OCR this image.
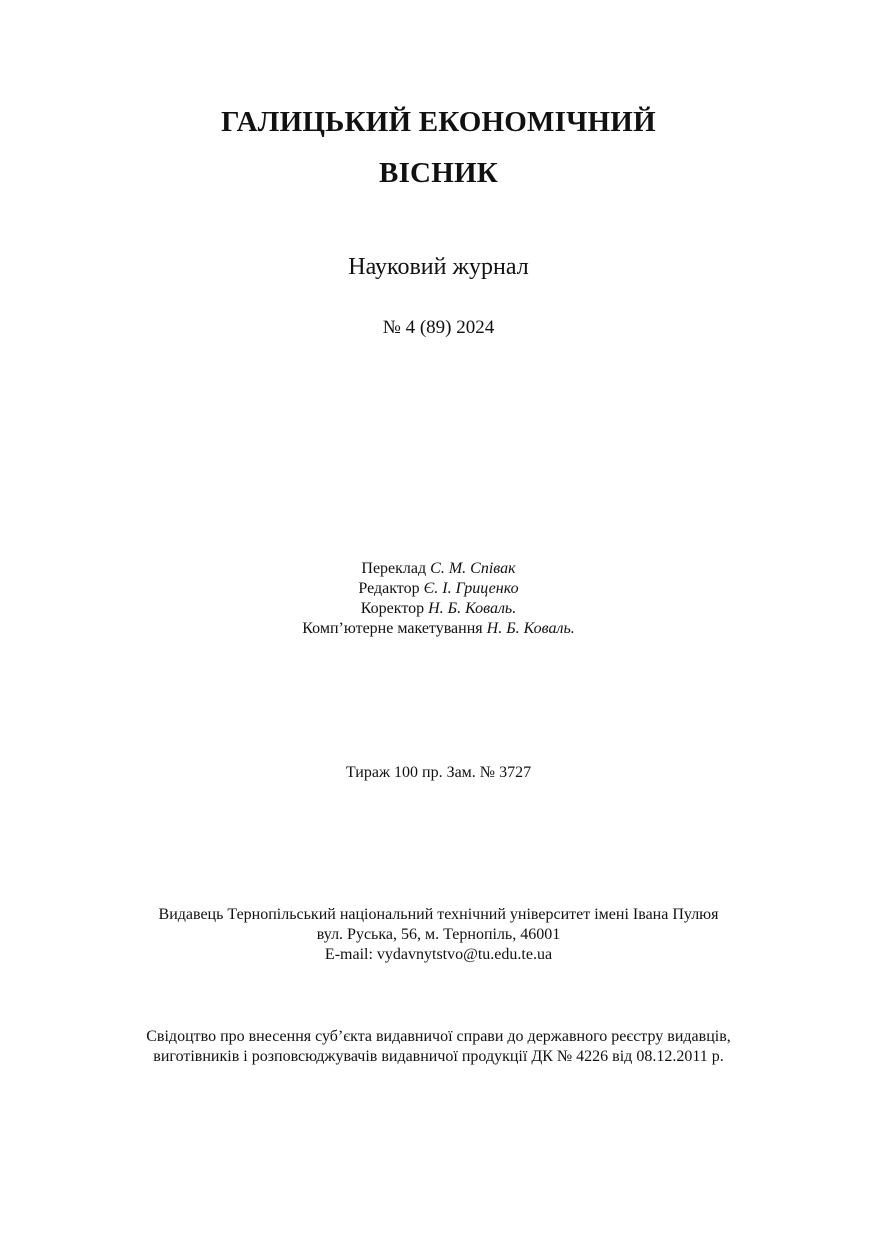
ГАЛИЦЬКИЙ ЕКОНОМІЧНИЙ
ВІСНИК
Науковий журнал
№ 4 (89) 2024
Переклад С. М. Співак
Редактор Є. І. Гриценко
Коректор Н. Б. Коваль.
Комп’ютерне макетування Н. Б. Коваль.
Тираж 100 пр. Зам. № 3727
Видавець Тернопільський національний технічний університет імені Івана Пулюя
вул. Руська, 56, м. Тернопіль, 46001
E-mail: vydavnytstvo@tu.edu.te.ua
Свідоцтво про внесення суб’єкта видавничої справи до державного реєстру видавців,
виготівників і розповсюджувачів видавничої продукції ДК № 4226 від 08.12.2011 р.
